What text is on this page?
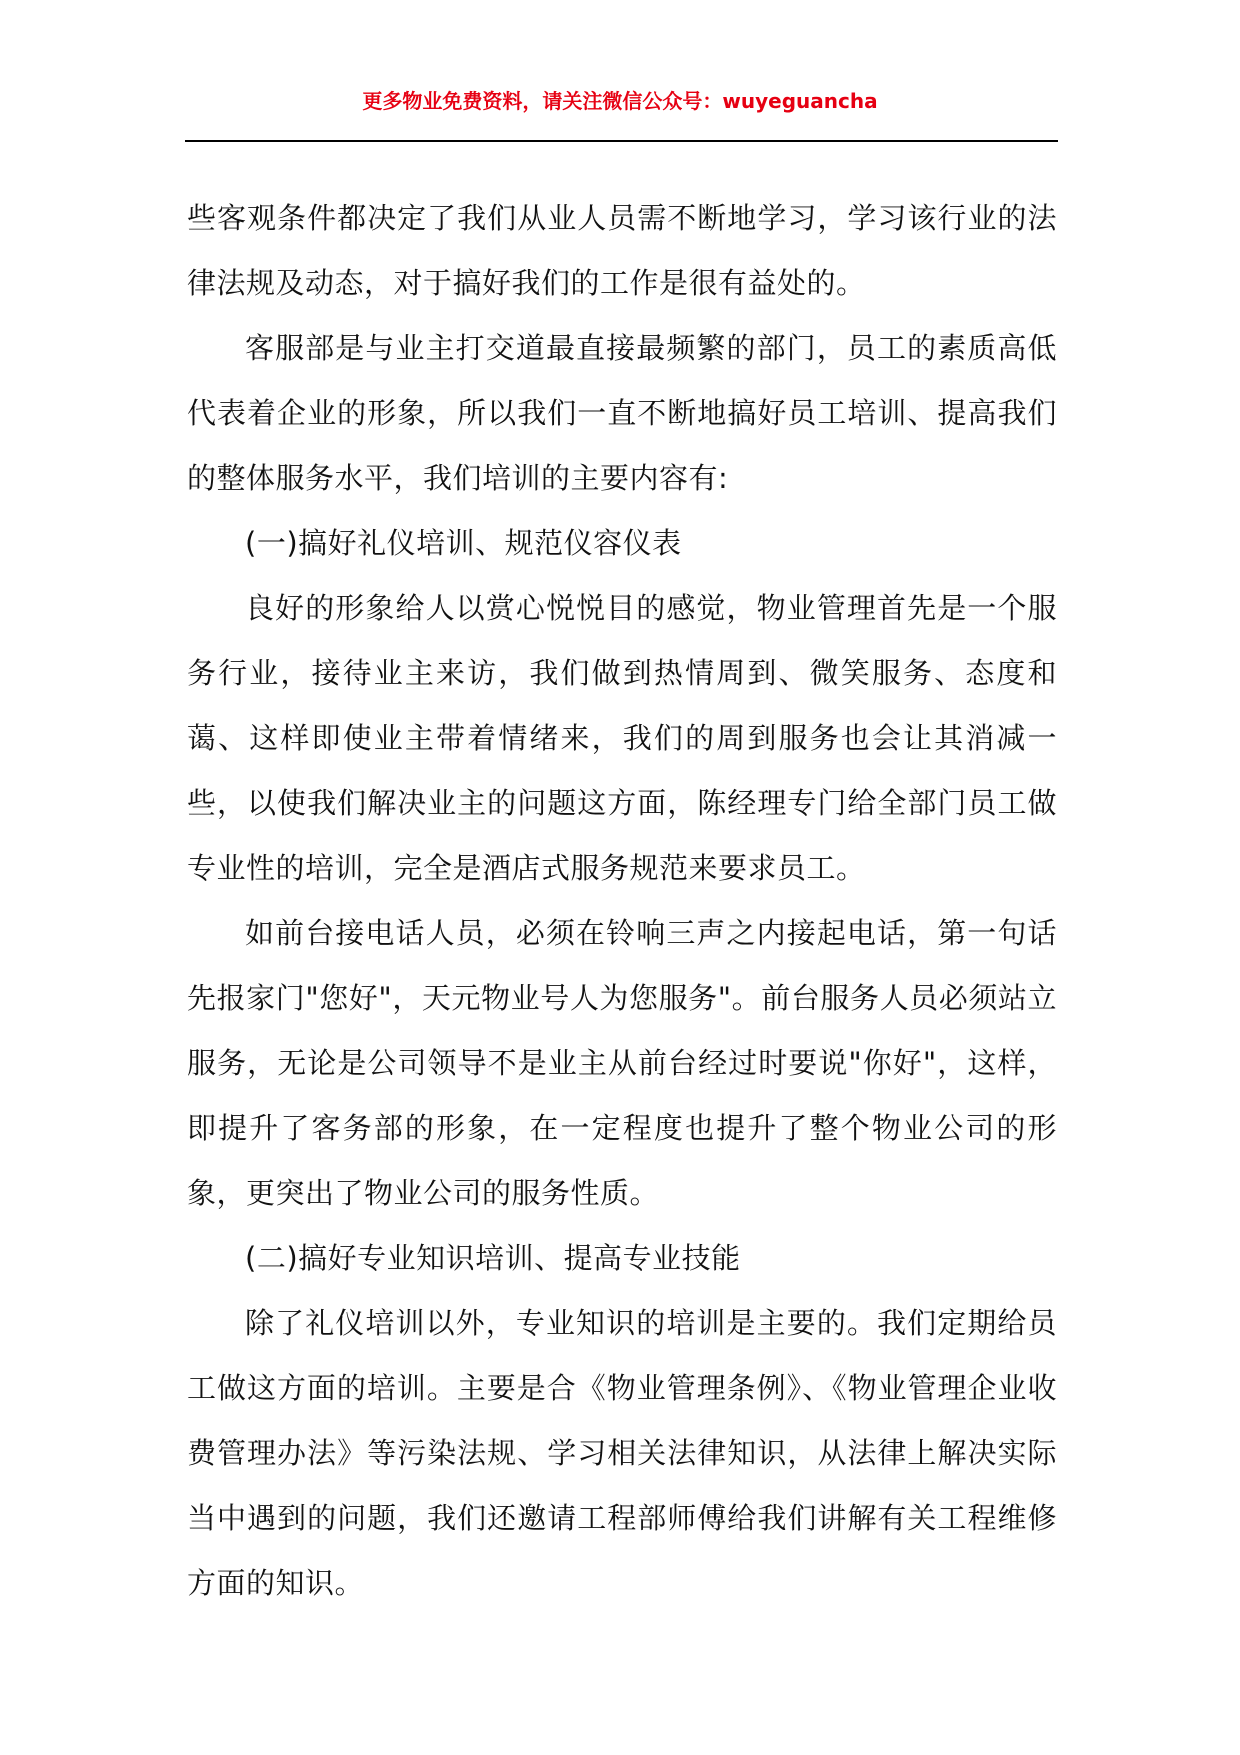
更多物业免费资料，请关注微信公众号：wuyeguancha

些客观条件都决定了我们从业人员需不断地学习，学习该行业的法律法规及动态，对于搞好我们的工作是很有益处的。

客服部是与业主打交道最直接最频繁的部门，员工的素质高低代表着企业的形象，所以我们一直不断地搞好员工培训、提高我们的整体服务水平，我们培训的主要内容有:

(一)搞好礼仪培训、规范仪容仪表

良好的形象给人以赏心悦悦目的感觉，物业管理首先是一个服务行业，接待业主来访，我们做到热情周到、微笑服务、态度和蔼、这样即使业主带着情绪来，我们的周到服务也会让其消减一些，以使我们解决业主的问题这方面，陈经理专门给全部门员工做专业性的培训，完全是酒店式服务规范来要求员工。

如前台接电话人员，必须在铃响三声之内接起电话，第一句话先报家门"您好"，天元物业号人为您服务"。前台服务人员必须站立服务，无论是公司领导不是业主从前台经过时要说"你好"，这样，即提升了客务部的形象，在一定程度也提升了整个物业公司的形象，更突出了物业公司的服务性质。

(二)搞好专业知识培训、提高专业技能

除了礼仪培训以外，专业知识的培训是主要的。我们定期给员工做这方面的培训。主要是合《物业管理条例》、《物业管理企业收费管理办法》等污染法规、学习相关法律知识，从法律上解决实际当中遇到的问题，我们还邀请工程部师傅给我们讲解有关工程维修方面的知识。
